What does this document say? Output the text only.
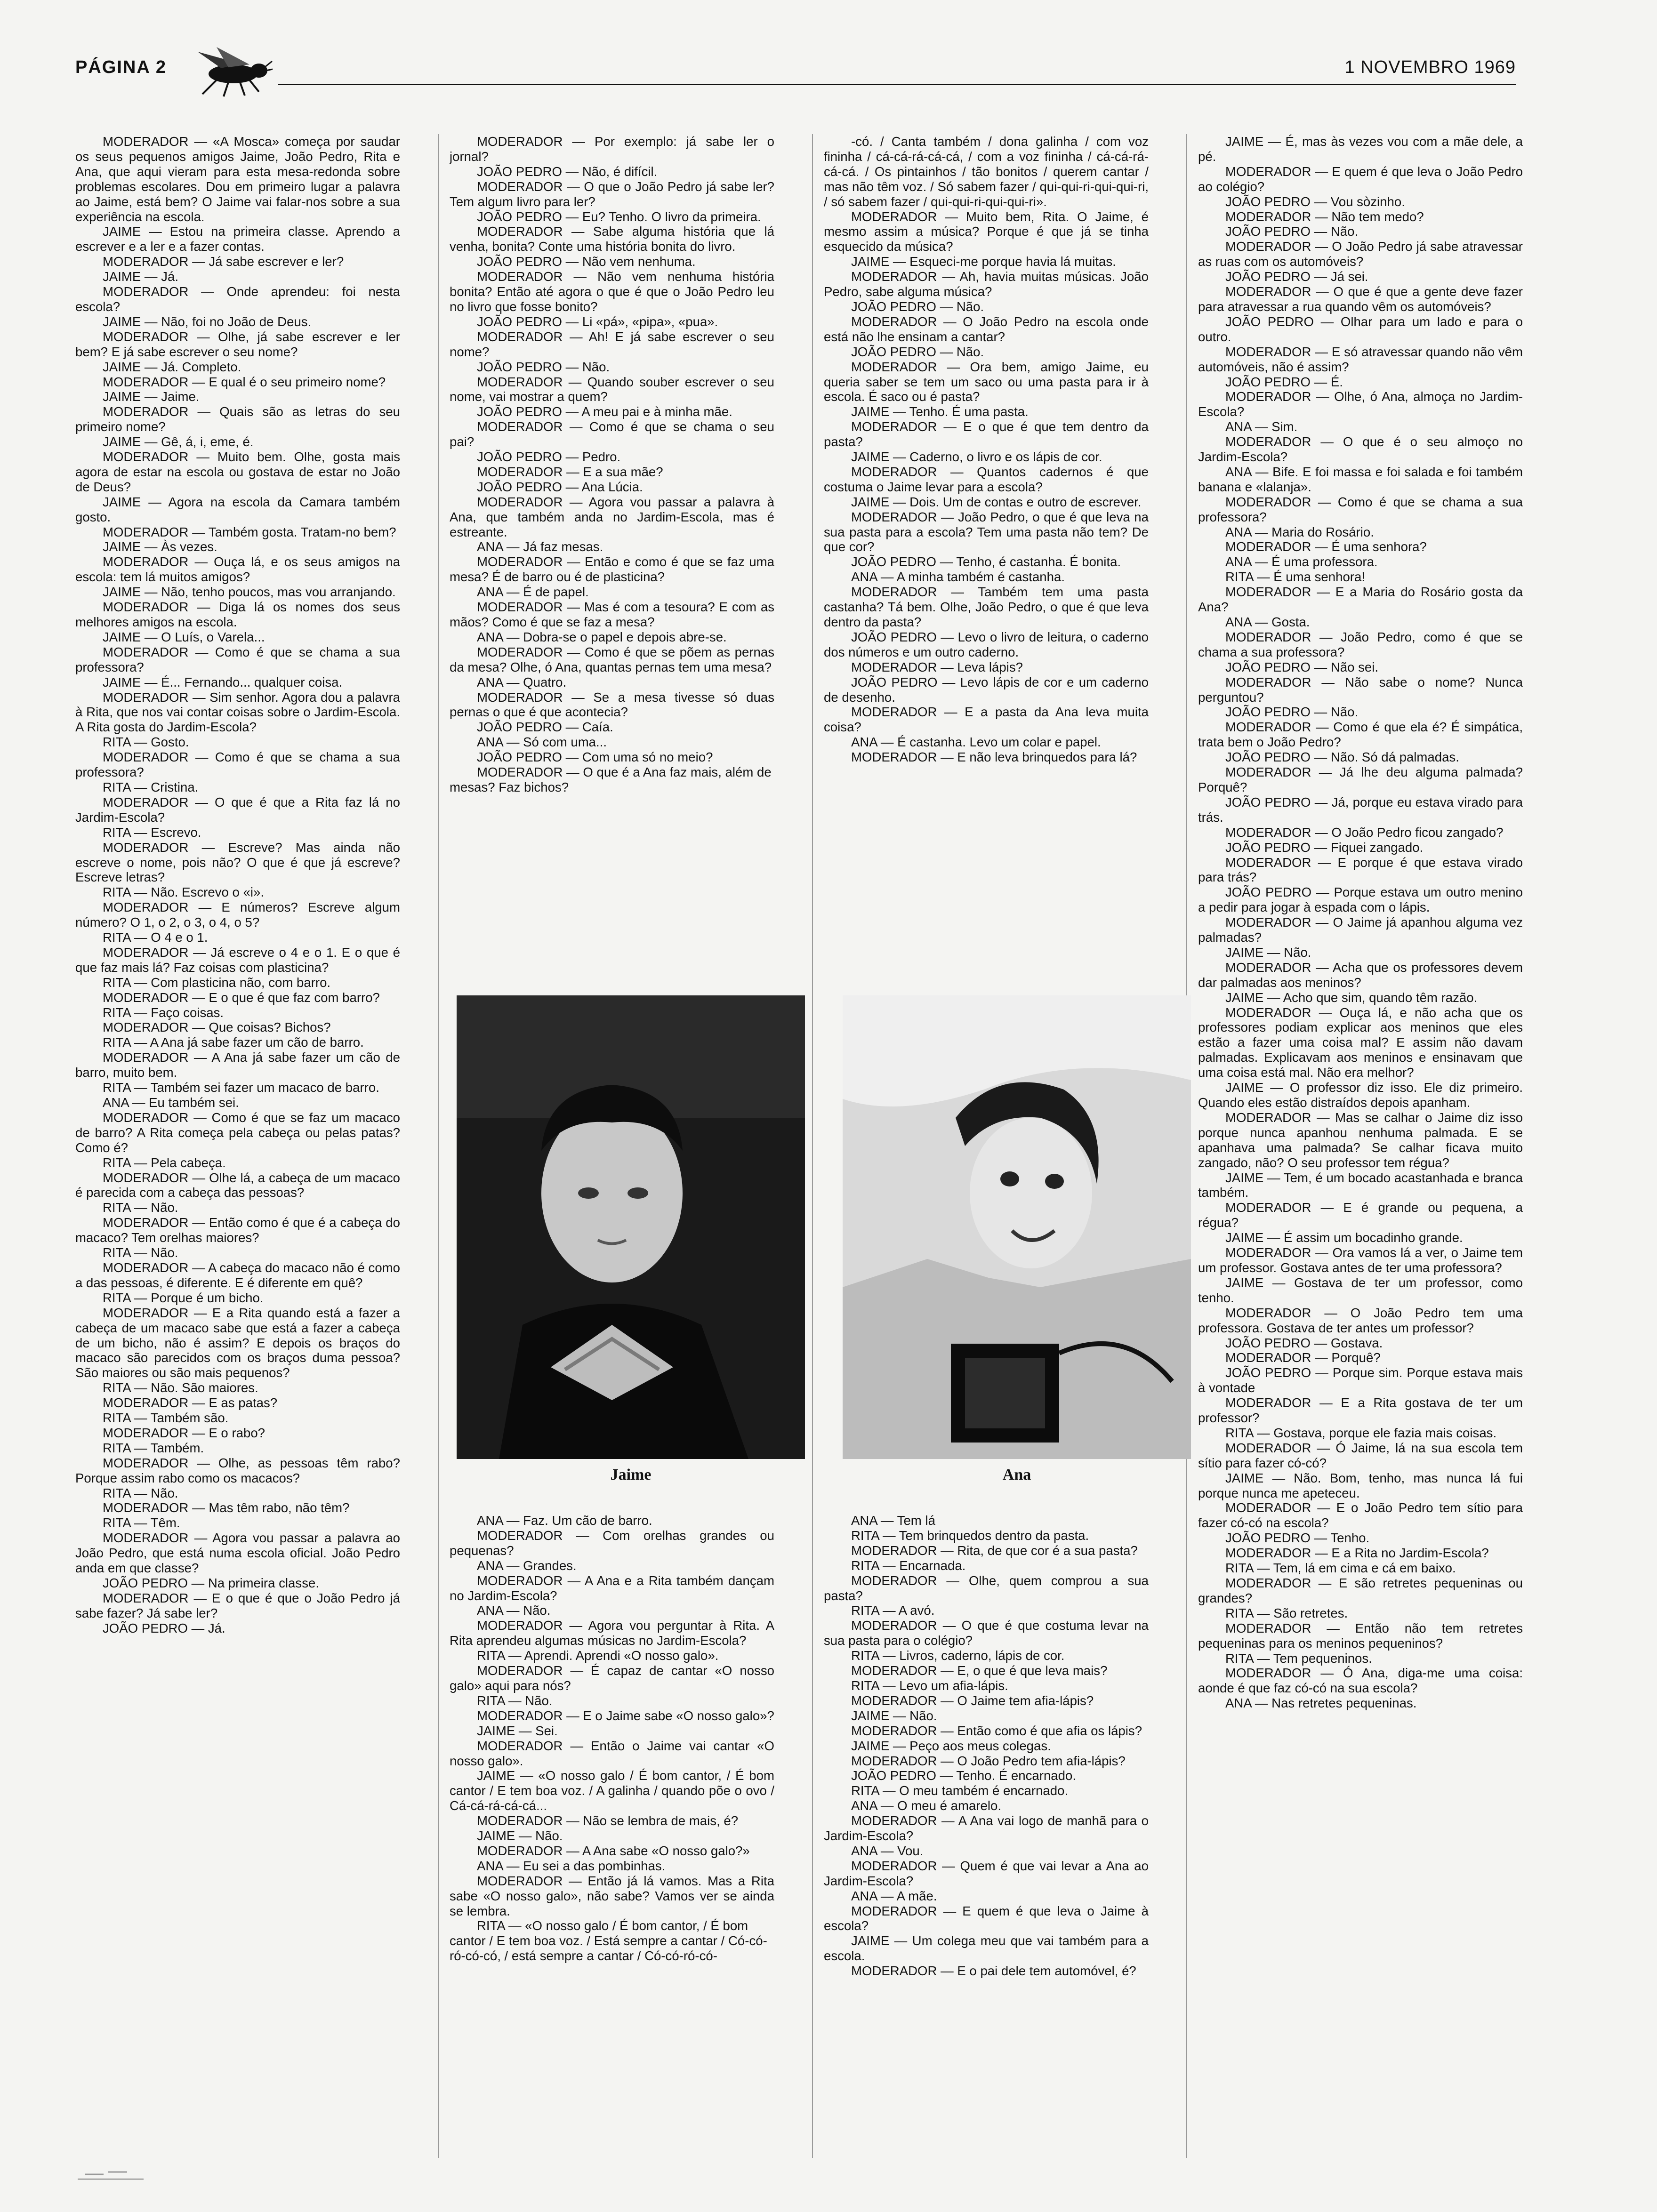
PÁGINA 2	1 NOVEMBRO 1969

MODERADOR — «A Mosca» começa por saudar os seus pequenos amigos Jaime, João Pedro, Rita e Ana, que aqui vieram para esta mesa-redonda sobre problemas escolares. Dou em primeiro lugar a palavra ao Jaime, está bem? O Jaime vai falar-nos sobre a sua experiência na escola.

JAIME — Estou na primeira classe. Aprendo a escrever e a ler e a fazer contas.

MODERADOR — Já sabe escrever e ler?

JAIME — Já.

MODERADOR — Onde aprendeu: foi nesta escola?

JAIME — Não, foi no João de Deus.

MODERADOR — Olhe, já sabe escrever e ler bem? E já sabe escrever o seu nome?

JAIME — Já. Completo.

MODERADOR — E qual é o seu primeiro nome?

JAIME — Jaime.

MODERADOR — Quais são as letras do seu primeiro nome?

JAIME — Gê, á, i, eme, é.

MODERADOR — Muito bem. Olhe, gosta mais agora de estar na escola ou gostava de estar no João de Deus?

JAIME — Agora na escola da Camara também gosto.

MODERADOR — Também gosta. Tratam-no bem?

JAIME — Às vezes.

MODERADOR — Ouça lá, e os seus amigos na escola: tem lá muitos amigos?

JAIME — Não, tenho poucos, mas vou arranjando.

MODERADOR — Diga lá os nomes dos seus melhores amigos na escola.

JAIME — O Luís, o Varela...

MODERADOR — Como é que se chama a sua professora?

JAIME — É... Fernando... qualquer coisa.

MODERADOR — Sim senhor. Agora dou a palavra à Rita, que nos vai contar coisas sobre o Jardim-Escola. A Rita gosta do Jardim-Escola?

RITA — Gosto.

MODERADOR — Como é que se chama a sua professora?

RITA — Cristina.

MODERADOR — O que é que a Rita faz lá no Jardim-Escola?

RITA — Escrevo.

MODERADOR — Escreve? Mas ainda não escreve o nome, pois não? O que é que já escreve? Escreve letras?

RITA — Não. Escrevo o «i».

MODERADOR — E números? Escreve algum número? O 1, o 2, o 3, o 4, o 5?

RITA — O 4 e o 1.

MODERADOR — Já escreve o 4 e o 1. E o que é que faz mais lá? Faz coisas com plasticina?

RITA — Com plasticina não, com barro.

MODERADOR — E o que é que faz com barro?

RITA — Faço coisas.

MODERADOR — Que coisas? Bichos?

RITA — A Ana já sabe fazer um cão de barro.

MODERADOR — A Ana já sabe fazer um cão de barro, muito bem.

RITA — Também sei fazer um macaco de barro.

ANA — Eu também sei.

MODERADOR — Como é que se faz um macaco de barro? A Rita começa pela cabeça ou pelas patas? Como é?

RITA — Pela cabeça.

MODERADOR — Olhe lá, a cabeça de um macaco é parecida com a cabeça das pessoas?

RITA — Não.

MODERADOR — Então como é que é a cabeça do macaco? Tem orelhas maiores?

RITA — Não.

MODERADOR — A cabeça do macaco não é como a das pessoas, é diferente. E é diferente em quê?

RITA — Porque é um bicho.

MODERADOR — E a Rita quando está a fazer a cabeça de um macaco sabe que está a fazer a cabeça de um bicho, não é assim? E depois os braços do macaco são parecidos com os braços duma pessoa? São maiores ou são mais pequenos?

RITA — Não. São maiores.

MODERADOR — E as patas?

RITA — Também são.

MODERADOR — E o rabo?

RITA — Também.

MODERADOR — Olhe, as pessoas têm rabo? Porque assim rabo como os macacos?

RITA — Não.

MODERADOR — Mas têm rabo, não têm?

RITA — Têm.

MODERADOR — Agora vou passar a palavra ao João Pedro, que está numa escola oficial. João Pedro anda em que classe?

JOÃO PEDRO — Na primeira classe.

MODERADOR — E o que é que o João Pedro já sabe fazer? Já sabe ler?

JOÃO PEDRO — Já.

MODERADOR — Por exemplo: já sabe ler o jornal?

JOÃO PEDRO — Não, é difícil.

MODERADOR — O que o João Pedro já sabe ler? Tem algum livro para ler?

JOÃO PEDRO — Eu? Tenho. O livro da primeira.

MODERADOR — Sabe alguma história que lá venha, bonita? Conte uma história bonita do livro.

JOÃO PEDRO — Não vem nenhuma.

MODERADOR — Não vem nenhuma história bonita? Então até agora o que é que o João Pedro leu no livro que fosse bonito?

JOÃO PEDRO — Li «pá», «pipa», «pua».

MODERADOR — Ah! E já sabe escrever o seu nome?

JOÃO PEDRO — Não.

MODERADOR — Quando souber escrever o seu nome, vai mostrar a quem?

JOÃO PEDRO — A meu pai e à minha mãe.

MODERADOR — Como é que se chama o seu pai?

JOÃO PEDRO — Pedro.

MODERADOR — E a sua mãe?

JOÃO PEDRO — Ana Lúcia.

MODERADOR — Agora vou passar a palavra à Ana, que também anda no Jardim-Escola, mas é estreante.

ANA — Já faz mesas.

MODERADOR — Então e como é que se faz uma mesa? É de barro ou é de plasticina?

ANA — É de papel.

MODERADOR — Mas é com a tesoura? E com as mãos? Como é que se faz a mesa?

ANA — Dobra-se o papel e depois abre-se.

MODERADOR — Como é que se põem as pernas da mesa? Olhe, ó Ana, quantas pernas tem uma mesa?

ANA — Quatro.

MODERADOR — Se a mesa tivesse só duas pernas o que é que acontecia?

JOÃO PEDRO — Caía.

ANA — Só com uma...

JOÃO PEDRO — Com uma só no meio?

MODERADOR — O que é a Ana faz mais, além de mesas? Faz bichos?

-có. / Canta também / dona galinha / com voz fininha / cá-cá-rá-cá-cá, / com a voz fininha / cá-cá-rá-cá-cá. / Os pintainhos / tão bonitos / querem cantar / mas não têm voz. / Só sabem fazer / qui-qui-ri-qui-qui-ri, / só sabem fazer / qui-qui-ri-qui-qui-ri».

MODERADOR — Muito bem, Rita. O Jaime, é mesmo assim a música? Porque é que já se tinha esquecido da música?

JAIME — Esqueci-me porque havia lá muitas.

MODERADOR — Ah, havia muitas músicas. João Pedro, sabe alguma música?

JOÃO PEDRO — Não.

MODERADOR — O João Pedro na escola onde está não lhe ensinam a cantar?

JOÃO PEDRO — Não.

MODERADOR — Ora bem, amigo Jaime, eu queria saber se tem um saco ou uma pasta para ir à escola. É saco ou é pasta?

JAIME — Tenho. É uma pasta.

MODERADOR — E o que é que tem dentro da pasta?

JAIME — Caderno, o livro e os lápis de cor.

MODERADOR — Quantos cadernos é que costuma o Jaime levar para a escola?

JAIME — Dois. Um de contas e outro de escrever.

MODERADOR — João Pedro, o que é que leva na sua pasta para a escola? Tem uma pasta não tem? De que cor?

JOÃO PEDRO — Tenho, é castanha. É bonita.

ANA — A minha também é castanha.

MODERADOR — Também tem uma pasta castanha? Tá bem. Olhe, João Pedro, o que é que leva dentro da pasta?

JOÃO PEDRO — Levo o livro de leitura, o caderno dos números e um outro caderno.

MODERADOR — Leva lápis?

JOÃO PEDRO — Levo lápis de cor e um caderno de desenho.

MODERADOR — E a pasta da Ana leva muita coisa?

ANA — É castanha. Levo um colar e papel.

MODERADOR — E não leva brinquedos para lá?

JAIME — É, mas às vezes vou com a mãe dele, a pé.

MODERADOR — E quem é que leva o João Pedro ao colégio?

JOÃO PEDRO — Vou sòzinho.

MODERADOR — Não tem medo?

JOÃO PEDRO — Não.

MODERADOR — O João Pedro já sabe atravessar as ruas com os automóveis?

JOÃO PEDRO — Já sei.

MODERADOR — O que é que a gente deve fazer para atravessar a rua quando vêm os automóveis?

JOÃO PEDRO — Olhar para um lado e para o outro.

MODERADOR — E só atravessar quando não vêm automóveis, não é assim?

JOÃO PEDRO — É.

MODERADOR — Olhe, ó Ana, almoça no Jardim-Escola?

ANA — Sim.

MODERADOR — O que é o seu almoço no Jardim-Escola?

ANA — Bife. E foi massa e foi salada e foi também banana e «lalanja».

MODERADOR — Como é que se chama a sua professora?

ANA — Maria do Rosário.

MODERADOR — É uma senhora?

ANA — É uma professora.

RITA — É uma senhora!

MODERADOR — E a Maria do Rosário gosta da Ana?

ANA — Gosta.

MODERADOR — João Pedro, como é que se chama a sua professora?

JOÃO PEDRO — Não sei.

MODERADOR — Não sabe o nome? Nunca perguntou?

JOÃO PEDRO — Não.

MODERADOR — Como é que ela é? É simpática, trata bem o João Pedro?

JOÃO PEDRO — Não. Só dá palmadas.

MODERADOR — Já lhe deu alguma palmada? Porquê?

JOÃO PEDRO — Já, porque eu estava virado para trás.

MODERADOR — O João Pedro ficou zangado?

JOÃO PEDRO — Fiquei zangado.

MODERADOR — E porque é que estava virado para trás?

JOÃO PEDRO — Porque estava um outro menino a pedir para jogar à espada com o lápis.

MODERADOR — O Jaime já apanhou alguma vez palmadas?

JAIME — Não.

MODERADOR — Acha que os professores devem dar palmadas aos meninos?

JAIME — Acho que sim, quando têm razão.

MODERADOR — Ouça lá, e não acha que os professores podiam explicar aos meninos que eles estão a fazer uma coisa mal? E assim não davam palmadas. Explicavam aos meninos e ensinavam que uma coisa está mal. Não era melhor?

JAIME — O professor diz isso. Ele diz primeiro. Quando eles estão distraídos depois apanham.

MODERADOR — Mas se calhar o Jaime diz isso porque nunca apanhou nenhuma palmada. E se apanhava uma palmada? Se calhar ficava muito zangado, não? O seu professor tem régua?

JAIME — Tem, é um bocado acastanhada e branca também.

MODERADOR — E é grande ou pequena, a régua?

JAIME — É assim um bocadinho grande.

MODERADOR — Ora vamos lá a ver, o Jaime tem um professor. Gostava antes de ter uma professora?

JAIME — Gostava de ter um professor, como tenho.

MODERADOR — O João Pedro tem uma professora. Gostava de ter antes um professor?

JOÃO PEDRO — Gostava.

MODERADOR — Porquê?

JOÃO PEDRO — Porque sim. Porque estava mais à vontade

MODERADOR — E a Rita gostava de ter um professor?

RITA — Gostava, porque ele fazia mais coisas.

MODERADOR — Ó Jaime, lá na sua escola tem sítio para fazer có-có?

JAIME — Não. Bom, tenho, mas nunca lá fui porque nunca me apeteceu.

MODERADOR — E o João Pedro tem sítio para fazer có-có na escola?

JOÃO PEDRO — Tenho.

MODERADOR — E a Rita no Jardim-Escola?

RITA — Tem, lá em cima e cá em baixo.

MODERADOR — E são retretes pequeninas ou grandes?

RITA — São retretes.

MODERADOR — Então não tem retretes pequeninas para os meninos pequeninos?

RITA — Tem pequeninos.

MODERADOR — Ó Ana, diga-me uma coisa: aonde é que faz có-có na sua escola?

ANA — Nas retretes pequeninas.

Jaime	Ana

ANA — Faz. Um cão de barro.

MODERADOR — Com orelhas grandes ou pequenas?

ANA — Grandes.

MODERADOR — A Ana e a Rita também dançam no Jardim-Escola?

ANA — Não.

MODERADOR — Agora vou perguntar à Rita. A Rita aprendeu algumas músicas no Jardim-Escola?

RITA — Aprendi. Aprendi «O nosso galo».

MODERADOR — É capaz de cantar «O nosso galo» aqui para nós?

RITA — Não.

MODERADOR — E o Jaime sabe «O nosso galo»?

JAIME — Sei.

MODERADOR — Então o Jaime vai cantar «O nosso galo».

JAIME — «O nosso galo / É bom cantor, / É bom cantor / E tem boa voz. / A galinha / quando põe o ovo / Cá-cá-rá-cá-cá...

MODERADOR — Não se lembra de mais, é?

JAIME — Não.

MODERADOR — A Ana sabe «O nosso galo?»

ANA — Eu sei a das pombinhas.

MODERADOR — Então já lá vamos. Mas a Rita sabe «O nosso galo», não sabe? Vamos ver se ainda se lembra.

RITA — «O nosso galo / É bom cantor, / É bom cantor / E tem boa voz. / Está sempre a cantar / Có-có-ró-có-có, / está sempre a cantar / Có-có-ró-có-

ANA — Tem lá

RITA — Tem brinquedos dentro da pasta.

MODERADOR — Rita, de que cor é a sua pasta?

RITA — Encarnada.

MODERADOR — Olhe, quem comprou a sua pasta?

RITA — A avó.

MODERADOR — O que é que costuma levar na sua pasta para o colégio?

RITA — Livros, caderno, lápis de cor.

MODERADOR — E, o que é que leva mais?

RITA — Levo um afia-lápis.

MODERADOR — O Jaime tem afia-lápis?

JAIME — Não.

MODERADOR — Então como é que afia os lápis?

JAIME — Peço aos meus colegas.

MODERADOR — O João Pedro tem afia-lápis?

JOÃO PEDRO — Tenho. É encarnado.

RITA — O meu também é encarnado.

ANA — O meu é amarelo.

MODERADOR — A Ana vai logo de manhã para o Jardim-Escola?

ANA — Vou.

MODERADOR — Quem é que vai levar a Ana ao Jardim-Escola?

ANA — A mãe.

MODERADOR — E quem é que leva o Jaime à escola?

JAIME — Um colega meu que vai também para a escola.

MODERADOR — E o pai dele tem automóvel, é?
